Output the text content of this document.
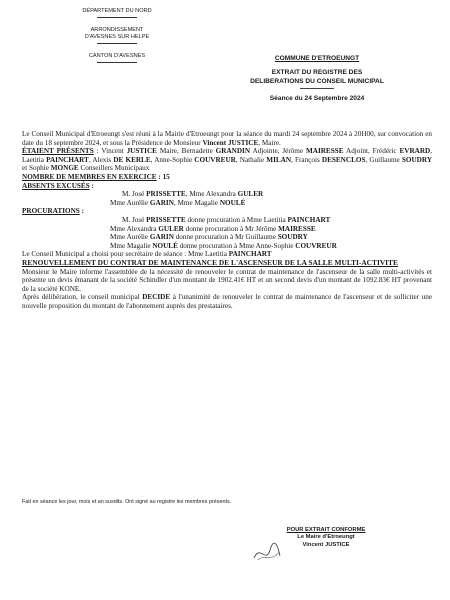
DÉPARTEMENT DU NORD
ARRONDISSEMENT
D'AVESNES SUR HELPE
CANTON D'AVESNES	COMMUNE D'ETROEUNGT
EXTRAIT DU REGISTRE DES
DELIBERATIONS DU CONSEIL MUNICIPAL
Séance du 24 Septembre 2024

Le Conseil Municipal d'Etroeungt s'est réuni à la Mairie d'Etroeungt pour la séance du mardi 24 septembre 2024 à 20H00, sur convocation en date du 18 septembre 2024, et sous la Présidence de Monsieur Vincent JUSTICE, Maire.

ÉTAIENT PRÉSENTS : Vincent JUSTICE Maire, Bernadette GRANDIN Adjointe, Jérôme MAIRESSE Adjoint, Frédéric EVRARD, Laetitia PAINCHART, Alexis DE KERLE, Anne-Sophie COUVREUR, Nathalie MILAN, François DESENCLOS, Guillaume SOUDRY et Sophie MONGE Conseillers Municipaux

NOMBRE DE MEMBRES EN EXERCICE : 15

ABSENTS EXCUSÉS :

M. José PRISSETTE, Mme Alexandra GULER

Mme Aurélie GARIN, Mme Magalie NOULÉ

PROCURATIONS :

M. José PRISSETTE donne procuration à Mme Laetitia PAINCHART

Mme Alexandra GULER donne procuration à Mr Jérôme MAIRESSE

Mme Aurélie GARIN donne procuration à Mr Guillaume SOUDRY

Mme Magalie NOULÉ donne procuration à Mme Anne-Sophie COUVREUR

Le Conseil Municipal a choisi pour secrétaire de séance : Mme Laetitia PAINCHART

RENOUVELLEMENT DU CONTRAT DE MAINTENANCE DE L'ASCENSEUR DE LA SALLE MULTI-ACTIVITE

Monsieur le Maire informe l'assemblée de la nécessité de renouveler le contrat de maintenance de l'ascenseur de la salle multi-activités et présente un devis émanant de la société Schindler d'un montant de 1902.41€ HT et un second devis d'un montant de 1092.83€ HT provenant de la société KONE.

Après délibération, le conseil municipal DECIDE à l'unanimité de renouveler le contrat de maintenance de l'ascenseur et de solliciter une nouvelle proposition du montant de l'abonnement auprès des prestataires.

Fait en séance les jour, mois et an susdits. Ont signé au registre les membres présents.
POUR EXTRAIT CONFORME
Le Maire d'Etroeungt
Vincent JUSTICE
